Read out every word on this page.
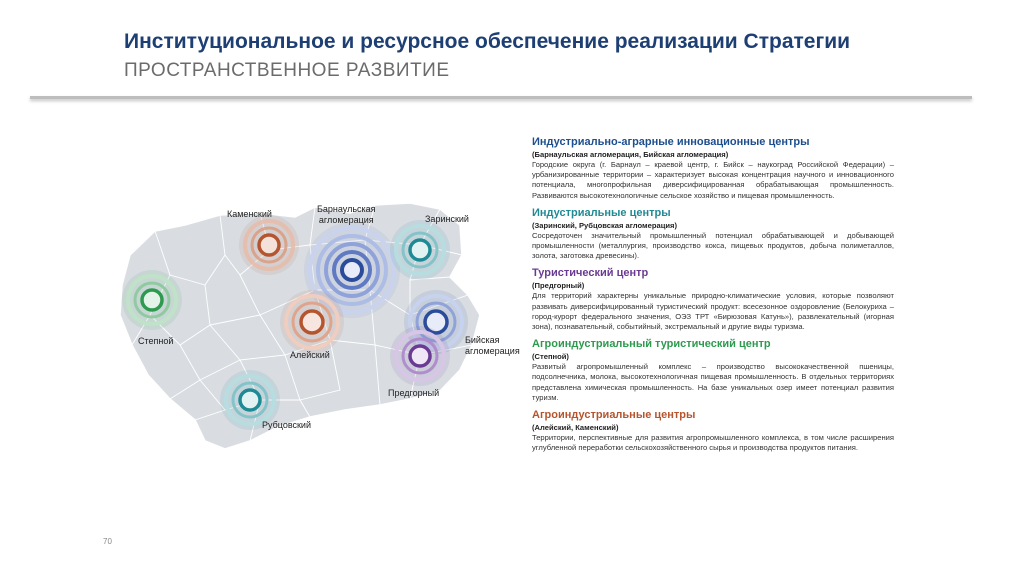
Институциональное и ресурсное обеспечение реализации Стратегии
ПРОСТРАНСТВЕННОЕ РАЗВИТИЕ
Каменский	Барнаульская
агломерация	Заринский
Степной
Алейский
Бийская
агломерация
Предгорный
Рубцовский
Индустриально-аграрные инновационные центры
(Барнаульская агломерация, Бийская агломерация)
Городские округа (г. Барнаул – краевой центр, г. Бийск – наукоград Российской Федерации) – урбанизированные территории – характеризует высокая концентрация научного и инновационного потенциала, многопрофильная диверсифицированная обрабатывающая промышленность. Развиваются высокотехнологичные сельское хозяйство и пищевая промышленность.
Индустриальные центры
(Заринский, Рубцовская агломерация)
Сосредоточен значительный промышленный потенциал обрабатывающей и добывающей промышленности (металлургия, производство кокса, пищевых продуктов, добыча полиметаллов, золота, заготовка древесины).
Туристический центр
(Предгорный)
Для территорий характерны уникальные природно-климатические условия, которые позволяют развивать диверсифицированный туристический продукт: всесезонное оздоровление (Белокуриха – город-курорт федерального значения, ОЭЗ ТРТ «Бирюзовая Катунь»), развлекательный (игорная зона), познавательный, событийный, экстремальный и другие виды туризма.
Агроиндустриальный туристический центр
(Степной)
Развитый агропромышленный комплекс – производство высококачественной пшеницы, подсолнечника, молока, высокотехнологичная пищевая промышленность. В отдельных территориях представлена химическая промышленность. На базе уникальных озер имеет потенциал развития туризм.
Агроиндустриальные центры
(Алейский, Каменский)
Территории, перспективные для развития агропромышленного комплекса, в том числе расширения углубленной переработки сельскохозяйственного сырья и производства продуктов питания.
70
